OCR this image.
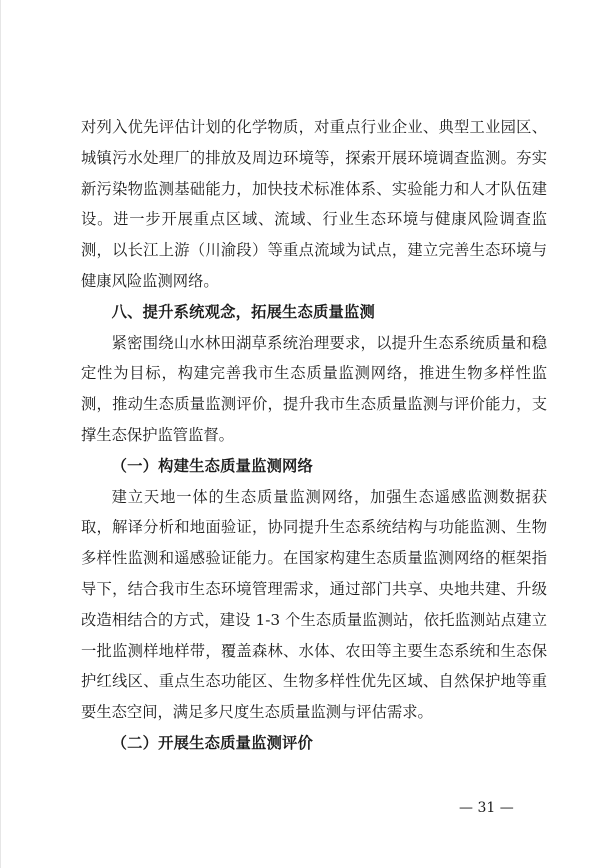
对列入优先评估计划的化学物质，对重点行业企业、典型工业园区、城镇污水处理厂的排放及周边环境等，探索开展环境调查监测。夯实新污染物监测基础能力，加快技术标准体系、实验能力和人才队伍建设。进一步开展重点区域、流域、行业生态环境与健康风险调查监测，以长江上游（川渝段）等重点流域为试点，建立完善生态环境与健康风险监测网络。

八、提升系统观念，拓展生态质量监测

紧密围绕山水林田湖草系统治理要求，以提升生态系统质量和稳定性为目标，构建完善我市生态质量监测网络，推进生物多样性监测，推动生态质量监测评价，提升我市生态质量监测与评价能力，支撑生态保护监管监督。

（一）构建生态质量监测网络

建立天地一体的生态质量监测网络，加强生态遥感监测数据获取，解译分析和地面验证，协同提升生态系统结构与功能监测、生物多样性监测和遥感验证能力。在国家构建生态质量监测网络的框架指导下，结合我市生态环境管理需求，通过部门共享、央地共建、升级改造相结合的方式，建设 1-3 个生态质量监测站，依托监测站点建立一批监测样地样带，覆盖森林、水体、农田等主要生态系统和生态保护红线区、重点生态功能区、生物多样性优先区域、自然保护地等重要生态空间，满足多尺度生态质量监测与评估需求。

（二）开展生态质量监测评价

— 31 —
